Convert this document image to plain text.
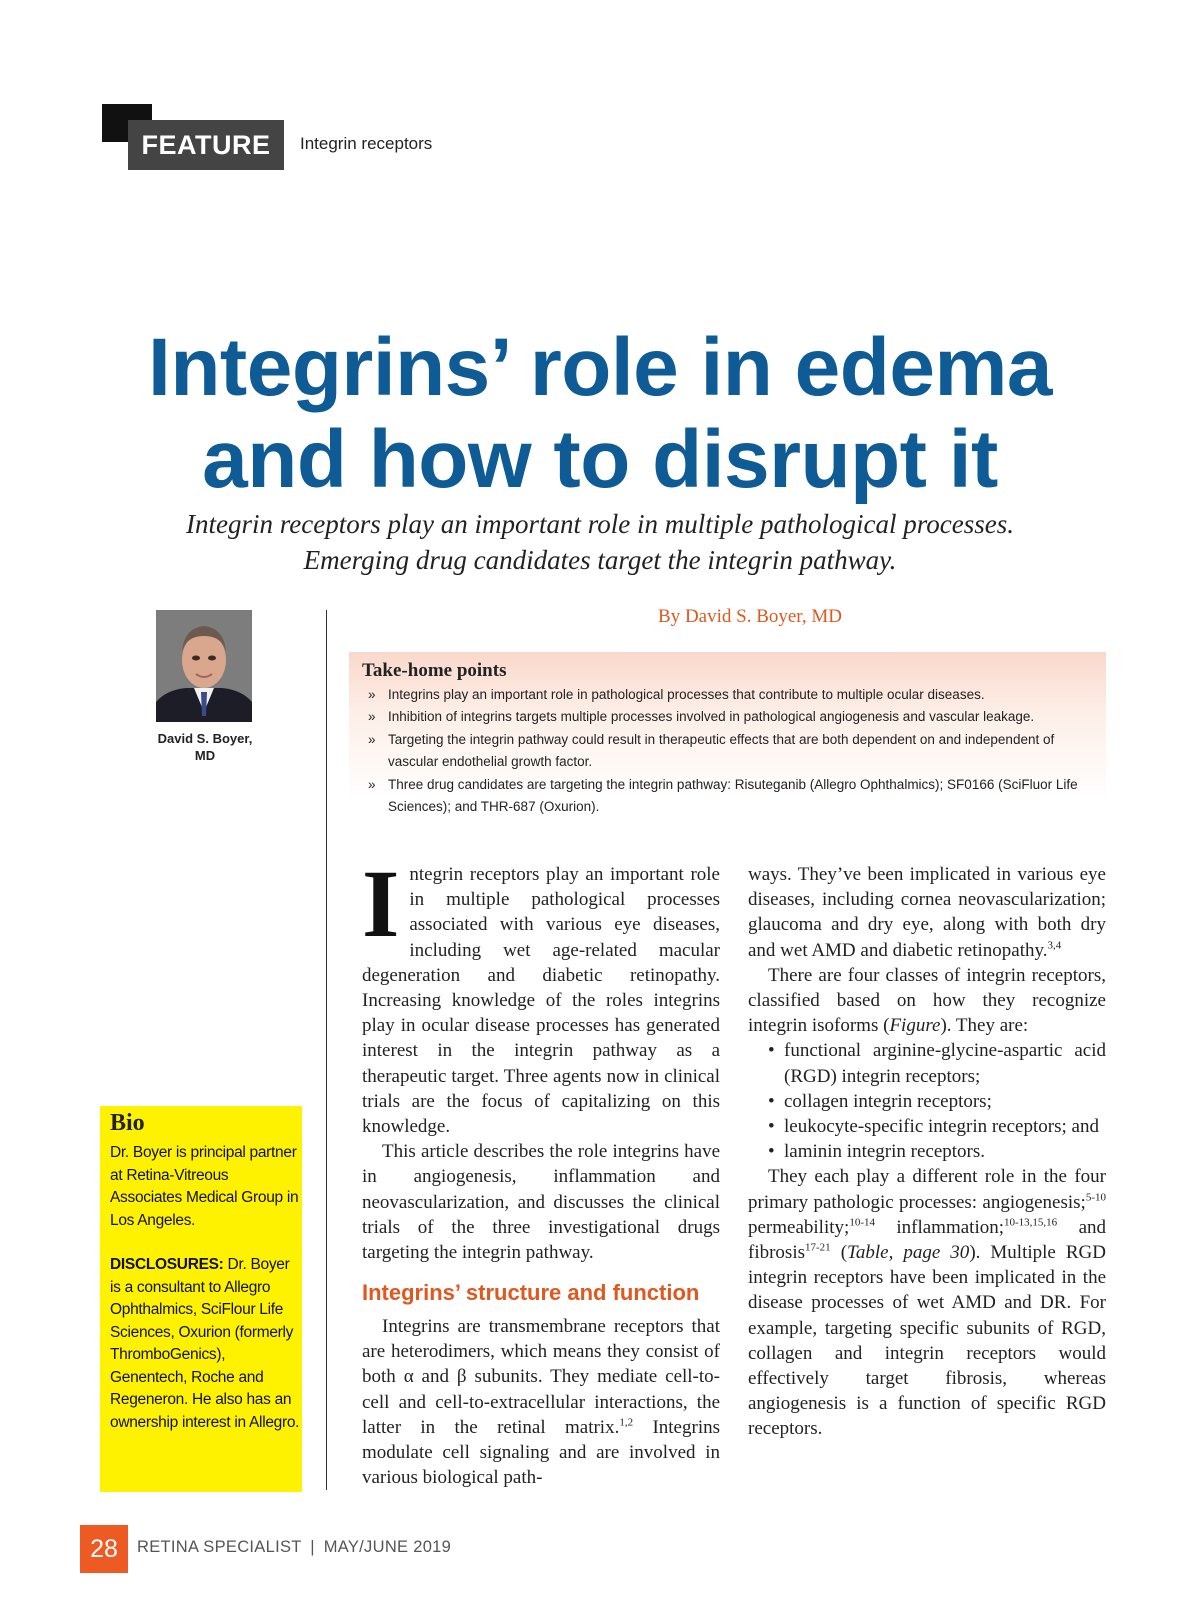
FEATURE	Integrin receptors
Integrins’ role in edema
and how to disrupt it
Integrin receptors play an important role in multiple pathological processes.
Emerging drug candidates target the integrin pathway.
By David S. Boyer, MD
David S. Boyer,
MD
Take-home points
» Integrins play an important role in pathological processes that contribute to multiple ocular diseases.
» Inhibition of integrins targets multiple processes involved in pathological angiogenesis and vascular leakage.
» Targeting the integrin pathway could result in therapeutic effects that are both dependent on and independent of vascular endothelial growth factor.
» Three drug candidates are targeting the integrin pathway: Risuteganib (Allegro Ophthalmics); SF0166 (SciFluor Life Sciences); and THR-687 (Oxurion).
Bio
Dr. Boyer is principal partner at Retina-Vitreous Associates Medical Group in Los Angeles.
DISCLOSURES: Dr. Boyer is a consultant to Allegro Ophthalmics, SciFlour Life Sciences, Oxurion (formerly ThromboGenics), Genentech, Roche and Regeneron. He also has an ownership interest in Allegro.
I ntegrin receptors play an important role in multiple pathological processes associated with various eye diseases, including wet age-related macular degeneration and diabetic retinopathy. Increasing knowledge of the roles integrins play in ocular disease processes has generated interest in the integrin pathway as a therapeutic target. Three agents now in clinical trials are the focus of capitalizing on this knowledge.
This article describes the role integrins have in angiogenesis, inflammation and neovascularization, and discusses the clinical trials of the three investigational drugs targeting the integrin pathway.
Integrins’ structure and function
Integrins are transmembrane receptors that are heterodimers, which means they consist of both α and β subunits. They mediate cell-to-cell and cell-to-extracellular interactions, the latter in the retinal matrix.$^{1,2}$ Integrins modulate cell signaling and are involved in various biological path-
ways. They’ve been implicated in various eye diseases, including cornea neovascularization; glaucoma and dry eye, along with both dry and wet AMD and diabetic retinopathy.$^{3,4}$
There are four classes of integrin receptors, classified based on how they recognize integrin isoforms (Figure). They are:
• functional arginine-glycine-aspartic acid (RGD) integrin receptors;
• collagen integrin receptors;
• leukocyte-specific integrin receptors; and
• laminin integrin receptors.
They each play a different role in the four primary pathologic processes: angiogenesis;$^{5-10}$ permeability;$^{10-14}$ inflammation;$^{10-13,15,16}$ and fibrosis$^{17-21}$ (Table, page 30). Multiple RGD integrin receptors have been implicated in the disease processes of wet AMD and DR. For example, targeting specific subunits of RGD, collagen and integrin receptors would effectively target fibrosis, whereas angiogenesis is a function of specific RGD receptors.
28	RETINA SPECIALIST | MAY/JUNE 2019
